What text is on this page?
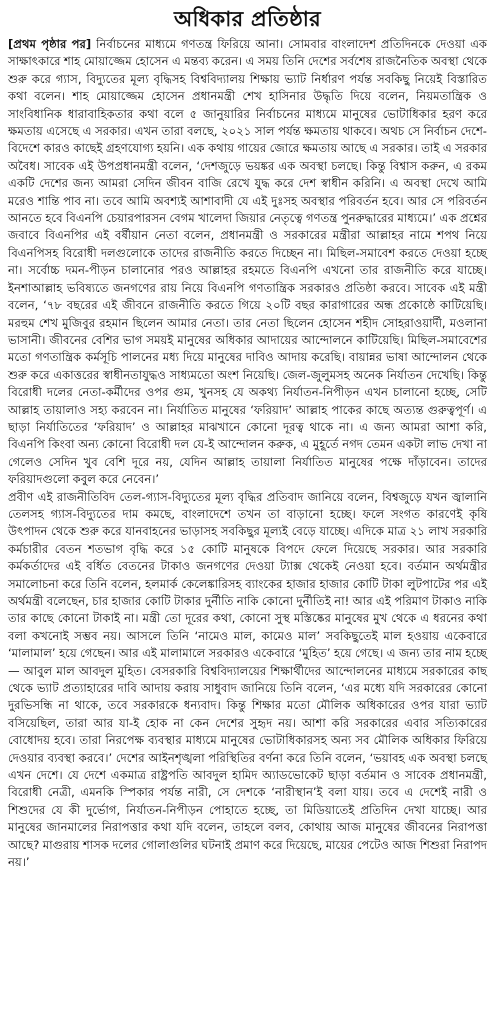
অধিকার প্রতিষ্ঠার

[প্রথম পৃষ্ঠার পর] নির্বাচনের মাধ্যমে গণতন্ত্র ফিরিয়ে আনা। সোমবার বাংলাদেশ প্রতিদিনকে দেওয়া এক সাক্ষাৎকারে শাহ মোয়াজ্জেম হোসেন এ মন্তব্য করেন। এ সময় তিনি দেশের সর্বশেষ রাজনৈতিক অবস্থা থেকে শুরু করে গ্যাস, বিদ্যুতের মূল্য বৃদ্ধিসহ বিশ্ববিদ্যালয় শিক্ষায় ভ্যাট নির্ধারণ পর্যন্ত সবকিছু নিয়েই বিস্তারিত কথা বলেন। শাহ মোয়াজ্জেম হোসেন প্রধানমন্ত্রী শেখ হাসিনার উদ্ধৃতি দিয়ে বলেন, নিয়মতান্ত্রিক ও সাংবিধানিক ধারাবাহিকতার কথা বলে ৫ জানুয়ারির নির্বাচনের মাধ্যমে মানুষের ভোটাধিকার হরণ করে ক্ষমতায় এসেছে এ সরকার। এখন তারা বলছে, ২০২১ সাল পর্যন্ত ক্ষমতায় থাকবে। অথচ সে নির্বাচন দেশে-বিদেশে কারও কাছেই গ্রহণযোগ্য হয়নি। এক কথায় গায়ের জোরে ক্ষমতায় আছে এ সরকার। তাই এ সরকার অবৈধ। সাবেক এই উপপ্রধানমন্ত্রী বলেন, ‘দেশজুড়ে ভয়ঙ্কর এক অবস্থা চলছে। কিন্তু বিশ্বাস করুন, এ রকম একটি দেশের জন্য আমরা সেদিন জীবন বাজি রেখে যুদ্ধ করে দেশ স্বাধীন করিনি। এ অবস্থা দেখে আমি মরেও শান্তি পাব না। তবে আমি অবশ্যই আশাবাদী যে এই দুঃসহ অবস্থার পরিবর্তন হবে। আর সে পরিবর্তন আনতে হবে বিএনপি চেয়ারপারসন বেগম খালেদা জিয়ার নেতৃত্বে গণতন্ত্র পুনরুদ্ধারের মাধ্যমে।’ এক প্রশ্নের জবাবে বিএনপির এই বর্ষীয়ান নেতা বলেন, প্রধানমন্ত্রী ও সরকারের মন্ত্রীরা আল্লাহর নামে শপথ নিয়ে বিএনপিসহ বিরোধী দলগুলোকে তাদের রাজনীতি করতে দিচ্ছেন না। মিছিল-সমাবেশ করতে দেওয়া হচ্ছে না। সর্বোচ্চ দমন-পীড়ন চালানোর পরও আল্লাহর রহমতে বিএনপি এখনো তার রাজনীতি করে যাচ্ছে। ইনশাআল্লাহ ভবিষ্যতে জনগণের রায় নিয়ে বিএনপি গণতান্ত্রিক সরকারও প্রতিষ্ঠা করবে। সাবেক এই মন্ত্রী বলেন, ‘৭৮ বছরের এই জীবনে রাজনীতি করতে গিয়ে ২০টি বছর কারাগারের অন্ধ প্রকোষ্ঠে কাটিয়েছি। মরহুম শেখ মুজিবুর রহমান ছিলেন আমার নেতা। তার নেতা ছিলেন হোসেন শহীদ সোহরাওয়ার্দী, মওলানা ভাসানী। জীবনের বেশির ভাগ সময়ই মানুষের অধিকার আদায়ের আন্দোলনে কাটিয়েছি। মিছিল-সমাবেশের মতো গণতান্ত্রিক কর্মসূচি পালনের মধ্য দিয়ে মানুষের দাবিও আদায় করেছি। বায়ান্নর ভাষা আন্দোলন থেকে শুরু করে একাত্তরের স্বাধীনতাযুদ্ধও সাধ্যমতো অংশ নিয়েছি। জেল-জুলুমসহ অনেক নির্যাতন দেখেছি। কিন্তু বিরোধী দলের নেতা-কর্মীদের ওপর গুম, খুনসহ যে অকথ্য নির্যাতন-নিপীড়ন এখন চালানো হচ্ছে, সেটি আল্লাহ তায়ালাও সহ্য করবেন না। নির্যাতিত মানুষের ‘ফরিয়াদ’ আল্লাহ পাকের কাছে অত্যন্ত গুরুত্বপূর্ণ। এ ছাড়া নির্যাতিতের ‘ফরিয়াদ’ ও আল্লাহর মাঝখানে কোনো দূরত্ব থাকে না। এ জন্য আমরা আশা করি, বিএনপি কিংবা অন্য কোনো বিরোধী দল যে-ই আন্দোলন করুক, এ মুহূর্তে নগদ তেমন একটা লাভ দেখা না গেলেও সেদিন খুব বেশি দূরে নয়, যেদিন আল্লাহ তায়ালা নির্যাতিত মানুষের পক্ষে দাঁড়াবেন। তাদের ফরিয়াদগুলো কবুল করে নেবেন।’

প্রবীণ এই রাজনীতিবিদ তেল-গ্যাস-বিদ্যুতের মূল্য বৃদ্ধির প্রতিবাদ জানিয়ে বলেন, বিশ্বজুড়ে যখন জ্বালানি তেলসহ গ্যাস-বিদ্যুতের দাম কমছে, বাংলাদেশে তখন তা বাড়ানো হচ্ছে। ফলে সংগত কারণেই কৃষি উৎপাদন থেকে শুরু করে যানবাহনের ভাড়াসহ সবকিছুর মূল্যই বেড়ে যাচ্ছে। এদিকে মাত্র ২১ লাখ সরকারি কর্মচারীর বেতন শতভাগ বৃদ্ধি করে ১৫ কোটি মানুষকে বিপদে ফেলে দিয়েছে সরকার। আর সরকারি কর্মকর্তাদের এই বর্ধিত বেতনের টাকাও জনগণের দেওয়া ট্যাক্স থেকেই নেওয়া হবে। বর্তমান অর্থমন্ত্রীর সমালোচনা করে তিনি বলেন, হলমার্ক কেলেঙ্কারিসহ ব্যাংকের হাজার হাজার কোটি টাকা লুটপাটের পর এই অর্থমন্ত্রী বলেছেন, চার হাজার কোটি টাকার দুর্নীতি নাকি কোনো দুর্নীতিই না! আর এই পরিমাণ টাকাও নাকি তার কাছে কোনো টাকাই না। মন্ত্রী তো দূরের কথা, কোনো সুস্থ মস্তিষ্কের মানুষের মুখ থেকে এ ধরনের কথা বলা কখনোই সম্ভব নয়। আসলে তিনি ‘নামেও মাল, কামেও মাল’ সবকিছুতেই মাল হওয়ায় একেবারে ‘মালামাল’ হয়ে গেছেন। আর এই মালামালে সরকারও একেবারে ‘মুহিত’ হয়ে গেছে। এ জন্য তার নাম হচ্ছে— আবুল মাল আবদুল মুহিত। বেসরকারি বিশ্ববিদ্যালয়ের শিক্ষার্থীদের আন্দোলনের মাধ্যমে সরকারের কাছ থেকে ভ্যাট প্রত্যাহারের দাবি আদায় করায় সাধুবাদ জানিয়ে তিনি বলেন, ‘এর মধ্যে যদি সরকারের কোনো দুরভিসন্ধি না থাকে, তবে সরকারকে ধন্যবাদ। কিন্তু শিক্ষার মতো মৌলিক অধিকারের ওপর যারা ভ্যাট বসিয়েছিল, তারা আর যা-ই হোক না কেন দেশের সুহৃদ নয়। আশা করি সরকারের এবার সত্যিকারের বোধোদয় হবে। তারা নিরপেক্ষ ব্যবস্থার মাধ্যমে মানুষের ভোটাধিকারসহ অন্য সব মৌলিক অধিকার ফিরিয়ে দেওয়ার ব্যবস্থা করবে।’ দেশের আইনশৃঙ্খলা পরিস্থিতির বর্ণনা করে তিনি বলেন, ‘ভয়াবহ এক অবস্থা চলছে এখন দেশে। যে দেশে একমাত্র রাষ্ট্রপতি আবদুল হামিদ অ্যাডভোকেট ছাড়া বর্তমান ও সাবেক প্রধানমন্ত্রী, বিরোধী নেত্রী, এমনকি স্পিকার পর্যন্ত নারী, সে দেশকে ‘নারীস্থান’ই বলা যায়। তবে এ দেশেই নারী ও শিশুদের যে কী দুর্ভোগ, নির্যাতন-নিপীড়ন পোহাতে হচ্ছে, তা মিডিয়াতেই প্রতিদিন দেখা যাচ্ছে। আর মানুষের জানমালের নিরাপত্তার কথা যদি বলেন, তাহলে বলব, কোথায় আজ মানুষের জীবনের নিরাপত্তা আছে? মাগুরায় শাসক দলের গোলাগুলির ঘটনাই প্রমাণ করে দিয়েছে, মায়ের পেটেও আজ শিশুরা নিরাপদ নয়।’
